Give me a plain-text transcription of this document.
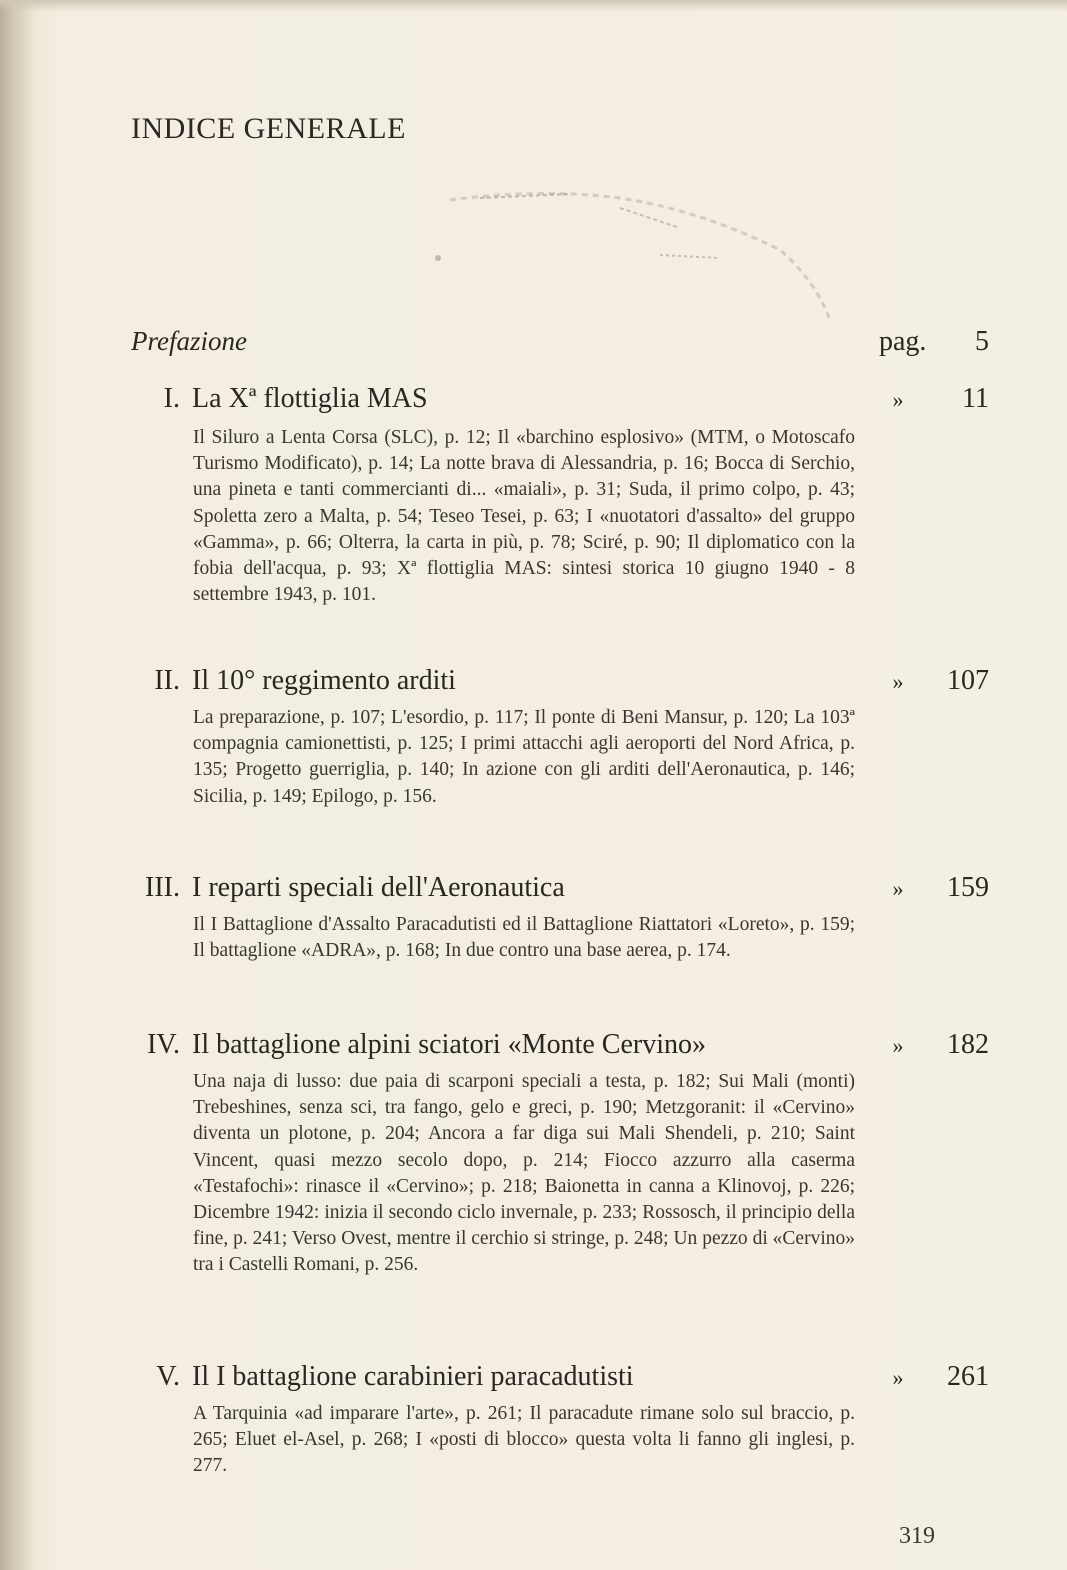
INDICE GENERALE
Prefazione	pag. 5
I. La Xª flottiglia MAS	»	11
Il Siluro a Lenta Corsa (SLC), p. 12; Il «barchino esplosivo» (MTM, o Motoscafo Turismo Modificato), p. 14; La notte brava di Alessandria, p. 16; Bocca di Serchio, una pineta e tanti commercianti di... «maiali», p. 31; Suda, il primo colpo, p. 43; Spoletta zero a Malta, p. 54; Teseo Tesei, p. 63; I «nuotatori d'assalto» del gruppo «Gamma», p. 66; Olterra, la carta in più, p. 78; Sciré, p. 90; Il diplomatico con la fobia dell'acqua, p. 93; Xª flottiglia MAS: sintesi storica 10 giugno 1940 - 8 settembre 1943, p. 101.
II. Il 10° reggimento arditi	»	107
La preparazione, p. 107; L'esordio, p. 117; Il ponte di Beni Mansur, p. 120; La 103ª compagnia camionettisti, p. 125; I primi attacchi agli aeroporti del Nord Africa, p. 135; Progetto guerriglia, p. 140; In azione con gli arditi dell'Aeronautica, p. 146; Sicilia, p. 149; Epilogo, p. 156.
III. I reparti speciali dell'Aeronautica	»	159
Il I Battaglione d'Assalto Paracadutisti ed il Battaglione Riattatori «Loreto», p. 159; Il battaglione «ADRA», p. 168; In due contro una base aerea, p. 174.
IV. Il battaglione alpini sciatori «Monte Cervino»	»	182
Una naja di lusso: due paia di scarponi speciali a testa, p. 182; Sui Mali (monti) Trebeshines, senza sci, tra fango, gelo e greci, p. 190; Metzgoranit: il «Cervino» diventa un plotone, p. 204; Ancora a far diga sui Mali Shendeli, p. 210; Saint Vincent, quasi mezzo secolo dopo, p. 214; Fiocco azzurro alla caserma «Testafochi»: rinasce il «Cervino»; p. 218; Baionetta in canna a Klinovoj, p. 226; Dicembre 1942: inizia il secondo ciclo invernale, p. 233; Rossosch, il principio della fine, p. 241; Verso Ovest, mentre il cerchio si stringe, p. 248; Un pezzo di «Cervino» tra i Castelli Romani, p. 256.
V. Il I battaglione carabinieri paracadutisti	»	261
A Tarquinia «ad imparare l'arte», p. 261; Il paracadute rimane solo sul braccio, p. 265; Eluet el-Asel, p. 268; I «posti di blocco» questa volta li fanno gli inglesi, p. 277.
319
